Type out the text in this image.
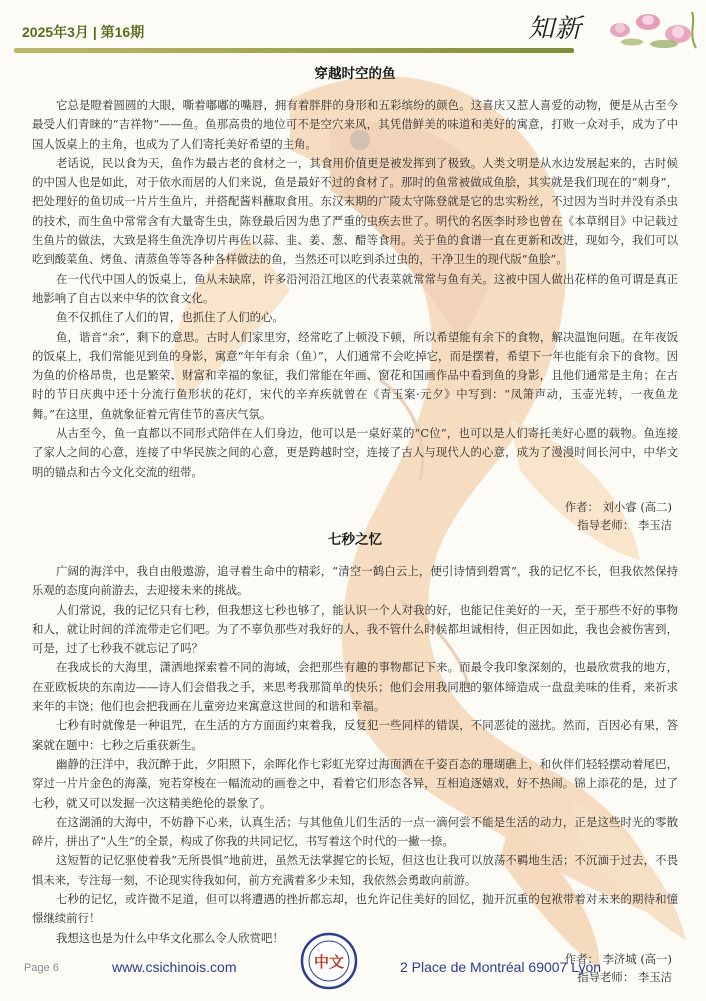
2025年3月 | 第16期	知新
穿越时空的鱼

它总是瞪着圆圆的大眼，嘶着嘟嘟的嘴唇，拥有着胖胖的身形和五彩缤纷的颜色。这喜庆又惹人喜爱的动物，便是从古至今最受人们青睐的“吉祥物”——鱼。鱼那高贵的地位可不是空穴来风，其凭借鲜美的味道和美好的寓意，打败一众对手，成为了中国人饭桌上的主角，也成为了人们寄托美好希望的主角。

老话说，民以食为天，鱼作为最古老的食材之一，其食用价值更是被发挥到了极致。人类文明是从水边发展起来的，古时候的中国人也是如此，对于依水而居的人们来说，鱼是最好不过的食材了。那时的鱼常被做成鱼脍，其实就是我们现在的“刺身”，把处理好的鱼切成一片片生鱼片，并搭配酱料蘸取食用。东汉末期的广陵太守陈登就是它的忠实粉丝，不过因为当时并没有杀虫的技术，而生鱼中常常含有大量寄生虫，陈登最后因为患了严重的虫疾去世了。明代的名医李时珍也曾在《本草纲目》中记载过生鱼片的做法，大致是将生鱼洗净切片再佐以蒜、韭、姜、葱、醋等食用。关于鱼的食谱一直在更新和改进，现如今，我们可以吃到酸菜鱼、烤鱼、清蒸鱼等等各种各样做法的鱼，当然还可以吃到杀过虫的，干净卫生的现代版“鱼脍”。

在一代代中国人的饭桌上，鱼从未缺席，许多沿河沿江地区的代表菜就常常与鱼有关。这被中国人做出花样的鱼可谓是真正地影响了自古以来中华的饮食文化。

鱼不仅抓住了人们的胃，也抓住了人们的心。

鱼，谐音“余”，剩下的意思。古时人们家里穷，经常吃了上顿没下顿，所以希望能有余下的食物，解决温饱问题。在年夜饭的饭桌上，我们常能见到鱼的身影，寓意“年年有余（鱼）”，人们通常不会吃掉它，而是摆着，希望下一年也能有余下的食物。因为鱼的价格昂贵，也是繁荣、财富和幸福的象征，我们常能在年画、窗花和国画作品中看到鱼的身影，且他们通常是主角；在古时的节日庆典中还十分流行鱼形状的花灯，宋代的辛弃疾就曾在《青玉案·元夕》中写到：“凤箫声动，玉壶光转，一夜鱼龙舞。”在这里，鱼就象征着元宵佳节的喜庆气氛。

从古至今，鱼一直都以不同形式陪伴在人们身边，他可以是一桌好菜的“C位”，也可以是人们寄托美好心愿的载物。鱼连接了家人之间的心意，连接了中华民族之间的心意，更是跨越时空，连接了古人与现代人的心意，成为了漫漫时间长河中，中华文明的锚点和古今文化交流的纽带。

作者： 刘小睿 (高二)
指导老师： 李玉洁
七秒之忆

广阔的海洋中，我自由般遨游，追寻着生命中的精彩，“清空一鹤白云上，便引诗情到碧霄”，我的记忆不长，但我依然保持乐观的态度向前游去，去迎接未来的挑战。

人们常说，我的记忆只有七秒，但我想这七秒也够了，能认识一个人对我的好，也能记住美好的一天，至于那些不好的事物和人，就让时间的洋流带走它们吧。为了不辜负那些对我好的人，我不管什么时候都坦诚相待，但正因如此，我也会被伤害到，可是，过了七秒我不就忘记了吗？

在我成长的大海里，潇洒地探索着不同的海域，会把那些有趣的事物都记下来。而最令我印象深刻的，也最欣赏我的地方，在亚欧板块的东南边——诗人们会借我之手，来思考我那简单的快乐；他们会用我同胞的躯体缔造成一盘盘美味的佳肴，来祈求来年的丰饶；他们也会把我画在儿童旁边来寓意这世间的和谐和幸福。

七秒有时就像是一种诅咒，在生活的方方面面约束着我，反复犯一些同样的错误，不同恶徒的滋扰。然而，百因必有果，答案就在题中：七秒之后重获新生。

幽静的汪洋中，我沉醉于此，夕阳照下，余晖化作七彩虹光穿过海面洒在千姿百态的珊瑚礁上，和伙伴们轻轻摆动着尾巴，穿过一片片金色的海藻，宛若穿梭在一幅流动的画卷之中，看着它们形态各异，互相追逐嬉戏，好不热闹。锦上添花的是，过了七秒，就又可以发掘一次这精美绝伦的景象了。

在这湖涌的大海中，不妨静下心来，认真生活；与其他鱼儿们生活的一点一滴何尝不能是生活的动力，正是这些时光的零散碎片，拼出了“人生”的全景，构成了你我的共同记忆，书写着这个时代的一撇一捺。

这短暂的记忆驱使着我“无所畏惧”地前进，虽然无法掌握它的长短，但这也让我可以放荡不羁地生活；不沉湎于过去，不畏惧未来，专注每一刻，不论现实待我如何，前方充满着多少未知，我依然会勇敢向前游。

七秒的记忆，或许微不足道，但可以将遭遇的挫折都忘却，也允许记住美好的回忆，抛开沉重的包袱带着对未来的期待和憧憬继续前行！

我想这也是为什么中华文化那么令人欣赏吧！

作者： 李济城 (高一)
指导老师： 李玉洁
Page 6	www.csichinois.com	中文	2 Place de Montréal 69007 Lyon
